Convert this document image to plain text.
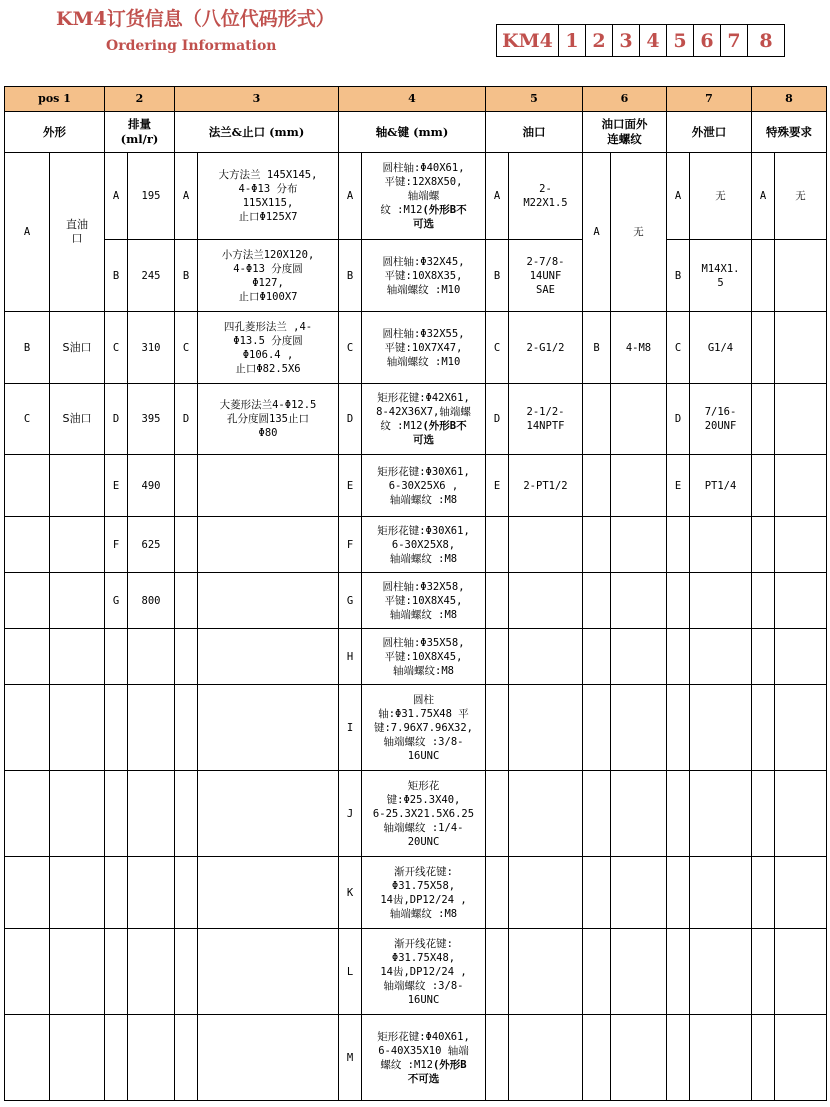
KM4订货信息（八位代码形式）
Ordering Information	KM4 1 2 3 4 5 6 7 8
pos 1		2		3		4		5		6		7		8	
外形		排量
(ml/r)		法兰&止口 (mm)		轴&键 (mm)		油口		油口面外
连螺纹		外泄口		特殊要求	
A	直油
口	A	195	A	大方法兰 145X145,
4-Φ13 分布
115X115,
止口Φ125X7	A	圆柱轴:Φ40X61,
平键:12X8X50,
轴端螺
纹 :M12(外形B不
可选	A	2-
M22X1.5	A	无	A	无	A	无
		B	245	B	小方法兰120X120,
4-Φ13 分度圆
Φ127,
止口Φ100X7	B	圆柱轴:Φ32X45,
平键:10X8X35,
轴端螺纹 :M10	B	2-7/8-
14UNF
SAE			B	M14X1.
5		
B	S油口	C	310	C	四孔菱形法兰 ,4-
Φ13.5 分度圆
Φ106.4 ,
止口Φ82.5X6	C	圆柱轴:Φ32X55,
平键:10X7X47,
轴端螺纹 :M10	C	2-G1/2	B	4-M8	C	G1/4		
C	S油口	D	395	D	大菱形法兰4-Φ12.5
孔分度圆135止口
Φ80	D	矩形花键:Φ42X61,
8-42X36X7,轴端螺
纹 :M12(外形B不
可选	D	2-1/2-
14NPTF			D	7/16-
20UNF		
		E	490			E	矩形花键:Φ30X61,
6-30X25X6 ,
轴端螺纹 :M8	E	2-PT1/2			E	PT1/4		
		F	625			F	矩形花键:Φ30X61,
6-30X25X8,
轴端螺纹 :M8								
		G	800			G	圆柱轴:Φ32X58,
平键:10X8X45,
轴端螺纹 :M8								
						H	圆柱轴:Φ35X58,
平键:10X8X45,
轴端螺纹:M8								
						I	圆柱
轴:Φ31.75X48 平
键:7.96X7.96X32,
轴端螺纹 :3/8-
16UNC								
						J	矩形花
键:Φ25.3X40,
6-25.3X21.5X6.25
轴端螺纹 :1/4-
20UNC								
						K	渐开线花键:
Φ31.75X58,
14齿,DP12/24 ,
轴端螺纹 :M8								
						L	渐开线花键:
Φ31.75X48,
14齿,DP12/24 ,
轴端螺纹 :3/8-
16UNC								
						M	矩形花键:Φ40X61,
6-40X35X10 轴端
螺纹 :M12(外形B
不可选								
